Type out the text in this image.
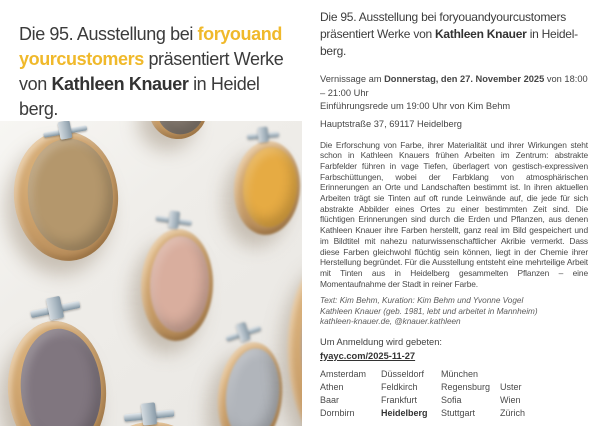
Die 95. Ausstellung bei foryouand
yourcustomers präsentiert Werke
von Kathleen Knauer in Heidel
berg.

Die 95. Ausstellung bei foryouandyourcustomers präsentiert Werke von Kathleen Knauer in Heidelberg.

Vernissage am Donnerstag, den 27. November 2025 von 18:00 – 21:00 Uhr
Einführungsrede um 19:00 Uhr von Kim Behm

Hauptstraße 37, 69117 Heidelberg

Die Erforschung von Farbe, ihrer Materialität und ihrer Wirkungen steht schon in Kathleen Knauers frühen Arbeiten im Zentrum: abstrakte Farbfelder führen in vage Tiefen, überlagert von gestisch-expressiven Farbschüttungen, wobei der Farbklang von atmosphärischen Erinnerungen an Orte und Landschaften bestimmt ist. In ihren aktuellen Arbeiten trägt sie Tinten auf oft runde Leinwände auf, die jede für sich abstrakte Abbilder eines Ortes zu einer bestimmten Zeit sind. Die flüchtigen Erinnerungen sind durch die Erden und Pflanzen, aus denen Kathleen Knauer ihre Farben herstellt, ganz real im Bild gespeichert und im Bildtitel mit nahezu naturwissenschaftlicher Akribie vermerkt. Dass diese Farben gleichwohl flüchtig sein können, liegt in der Chemie ihrer Herstellung begründet. Für die Ausstellung entsteht eine mehrteilige Arbeit mit Tinten aus in Heidelberg gesammelten Pflanzen – eine Momentaufnahme der Stadt in reiner Farbe.

Text: Kim Behm, Kuration: Kim Behm und Yvonne Vogel
Kathleen Knauer (geb. 1981, lebt und arbeitet in Mannheim)
kathleen-knauer.de, @knauer.kathleen
Um Anmeldung wird gebeten:
fyayc.com/2025-11-27
Amsterdam
Athen
Baar
Dornbirn
Düsseldorf
Feldkirch
Frankfurt
Heidelberg
München
Regensburg
Sofia
Stuttgart

Uster
Wien
Zürich
